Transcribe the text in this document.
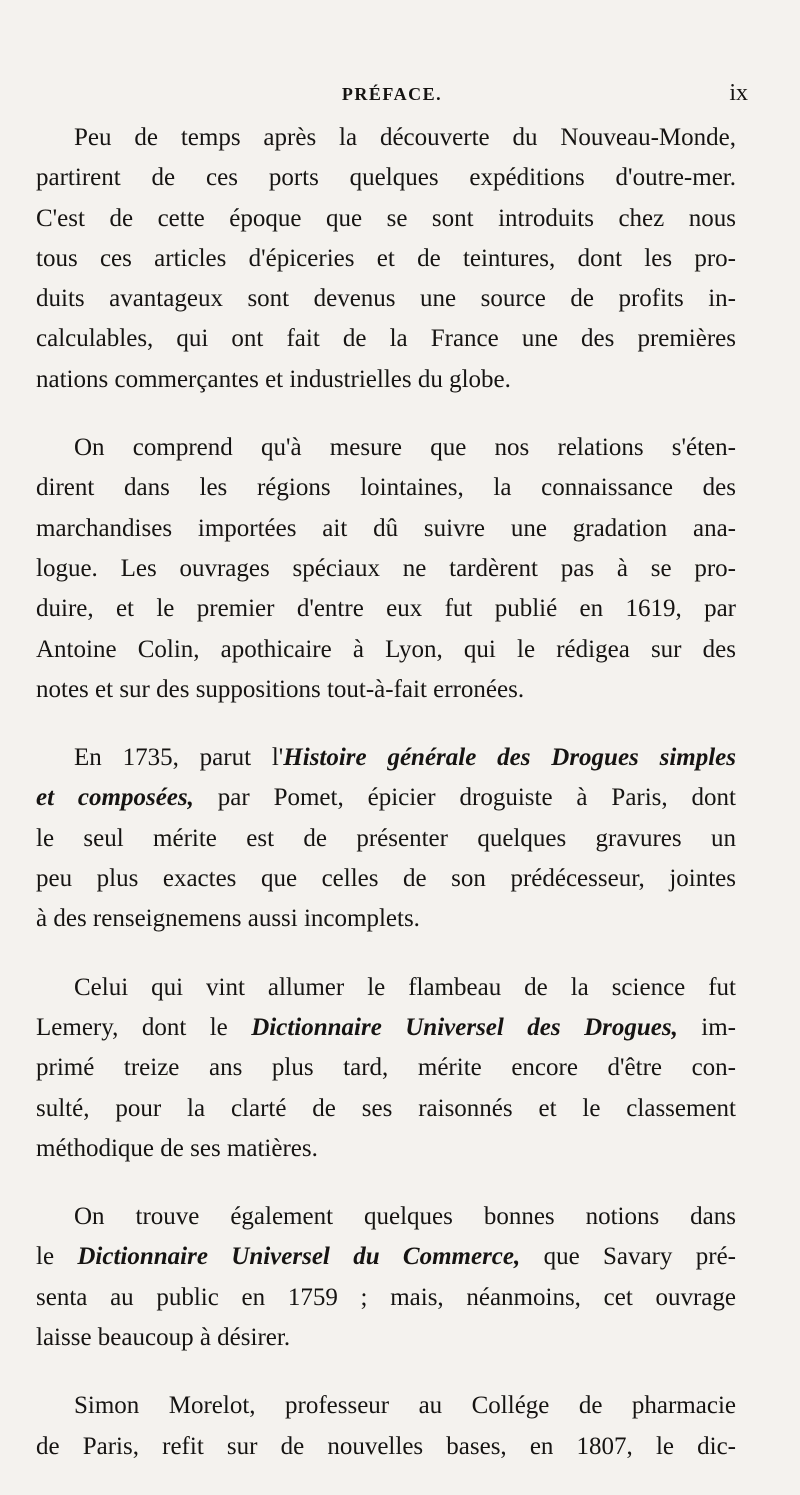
PRÉFACE.	ix

Peu de temps après la découverte du Nouveau-Monde,
partirent de ces ports quelques expéditions d'outre-mer.
C'est de cette époque que se sont introduits chez nous
tous ces articles d'épiceries et de teintures, dont les pro-
duits avantageux sont devenus une source de profits in-
calculables, qui ont fait de la France une des premières
nations commerçantes et industrielles du globe.

On comprend qu'à mesure que nos relations s'éten-
dirent dans les régions lointaines, la connaissance des
marchandises importées ait dû suivre une gradation ana-
logue. Les ouvrages spéciaux ne tardèrent pas à se pro-
duire, et le premier d'entre eux fut publié en 1619, par
Antoine Colin, apothicaire à Lyon, qui le rédigea sur des
notes et sur des suppositions tout-à-fait erronées.

En 1735, parut l'Histoire générale des Drogues simples
et composées, par Pomet, épicier droguiste à Paris, dont
le seul mérite est de présenter quelques gravures un
peu plus exactes que celles de son prédécesseur, jointes
à des renseignemens aussi incomplets.

Celui qui vint allumer le flambeau de la science fut
Lemery, dont le Dictionnaire Universel des Drogues, im-
primé treize ans plus tard, mérite encore d'être con-
sulté, pour la clarté de ses raisonnés et le classement
méthodique de ses matières.

On trouve également quelques bonnes notions dans
le Dictionnaire Universel du Commerce, que Savary pré-
senta au public en 1759 ; mais, néanmoins, cet ouvrage
laisse beaucoup à désirer.

Simon Morelot, professeur au Collége de pharmacie
de Paris, refit sur de nouvelles bases, en 1807, le dic-
